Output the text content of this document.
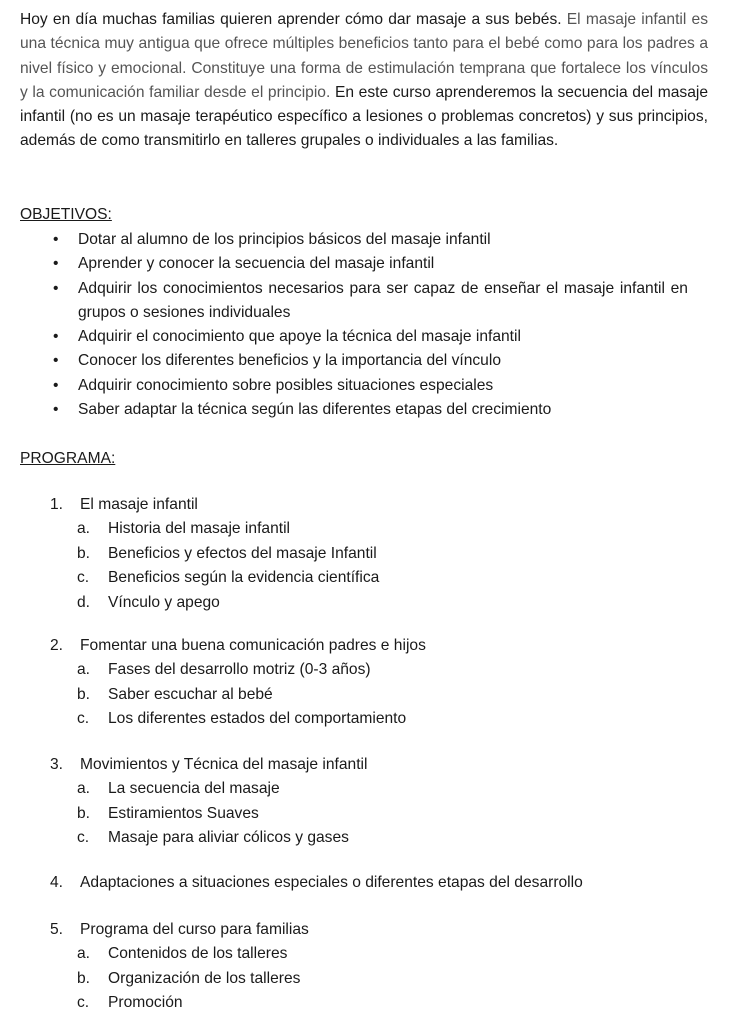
Hoy en día muchas familias quieren aprender cómo dar masaje a sus bebés. El masaje infantil es una técnica muy antigua que ofrece múltiples beneficios tanto para el bebé como para los padres a nivel físico y emocional. Constituye una forma de estimulación temprana que fortalece los vínculos y la comunicación familiar desde el principio. En este curso aprenderemos la secuencia del masaje infantil (no es un masaje terapéutico específico a lesiones o problemas concretos) y sus principios, además de como transmitirlo en talleres grupales o individuales a las familias.

OBJETIVOS:
• Dotar al alumno de los principios básicos del masaje infantil
• Aprender y conocer la secuencia del masaje infantil
• Adquirir los conocimientos necesarios para ser capaz de enseñar el masaje infantil en grupos o sesiones individuales
• Adquirir el conocimiento que apoye la técnica del masaje infantil
• Conocer los diferentes beneficios y la importancia del vínculo
• Adquirir conocimiento sobre posibles situaciones especiales
• Saber adaptar la técnica según las diferentes etapas del crecimiento
PROGRAMA:
1. El masaje infantil
a. Historia del masaje infantil
b. Beneficios y efectos del masaje Infantil
c. Beneficios según la evidencia científica
d. Vínculo y apego
2. Fomentar una buena comunicación padres e hijos
a. Fases del desarrollo motriz (0-3 años)
b. Saber escuchar al bebé
c. Los diferentes estados del comportamiento
3. Movimientos y Técnica del masaje infantil
a. La secuencia del masaje
b. Estiramientos Suaves
c. Masaje para aliviar cólicos y gases
4. Adaptaciones a situaciones especiales o diferentes etapas del desarrollo
5. Programa del curso para familias
a. Contenidos de los talleres
b. Organización de los talleres
c. Promoción
